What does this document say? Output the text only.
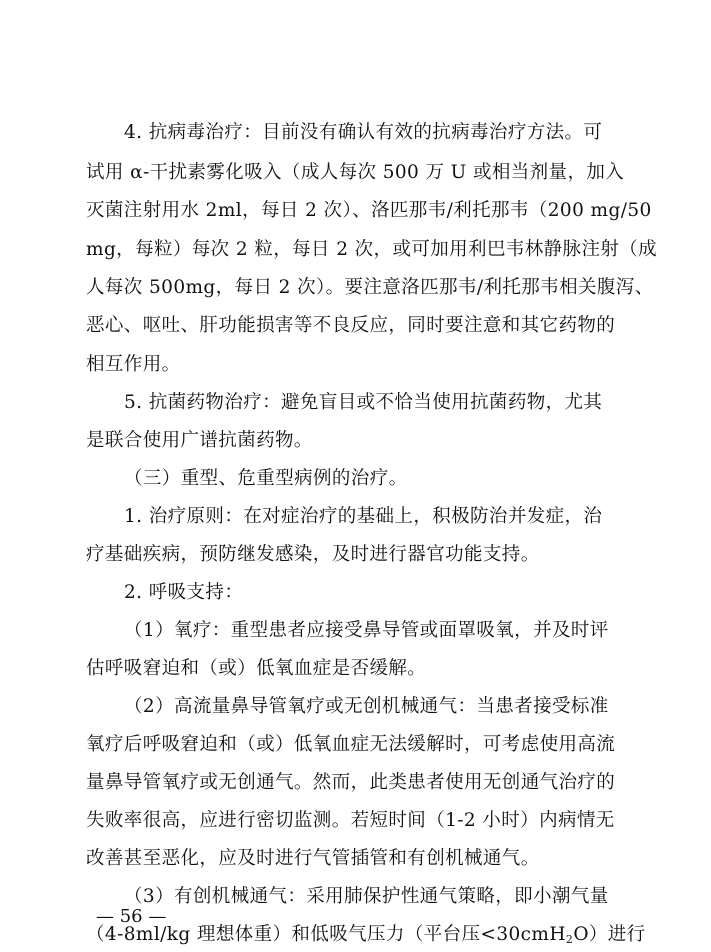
4. 抗病毒治疗：目前没有确认有效的抗病毒治疗方法。可
试用 α-干扰素雾化吸入（成人每次 500 万 U 或相当剂量，加入
灭菌注射用水 2ml，每日 2 次）、洛匹那韦/利托那韦（200 mg/50
mg，每粒）每次 2 粒，每日 2 次，或可加用利巴韦林静脉注射（成
人每次 500mg，每日 2 次）。要注意洛匹那韦/利托那韦相关腹泻、
恶心、呕吐、肝功能损害等不良反应，同时要注意和其它药物的
相互作用。
5. 抗菌药物治疗：避免盲目或不恰当使用抗菌药物，尤其
是联合使用广谱抗菌药物。
（三）重型、危重型病例的治疗。
1. 治疗原则：在对症治疗的基础上，积极防治并发症，治
疗基础疾病，预防继发感染，及时进行器官功能支持。
2. 呼吸支持：
（1）氧疗：重型患者应接受鼻导管或面罩吸氧，并及时评
估呼吸窘迫和（或）低氧血症是否缓解。
（2）高流量鼻导管氧疗或无创机械通气：当患者接受标准
氧疗后呼吸窘迫和（或）低氧血症无法缓解时，可考虑使用高流
量鼻导管氧疗或无创通气。然而，此类患者使用无创通气治疗的
失败率很高，应进行密切监测。若短时间（1-2 小时）内病情无
改善甚至恶化，应及时进行气管插管和有创机械通气。
（3）有创机械通气：采用肺保护性通气策略，即小潮气量
（4-8ml/kg 理想体重）和低吸气压力（平台压<30cmH$_2$O）进行
— 56 —
